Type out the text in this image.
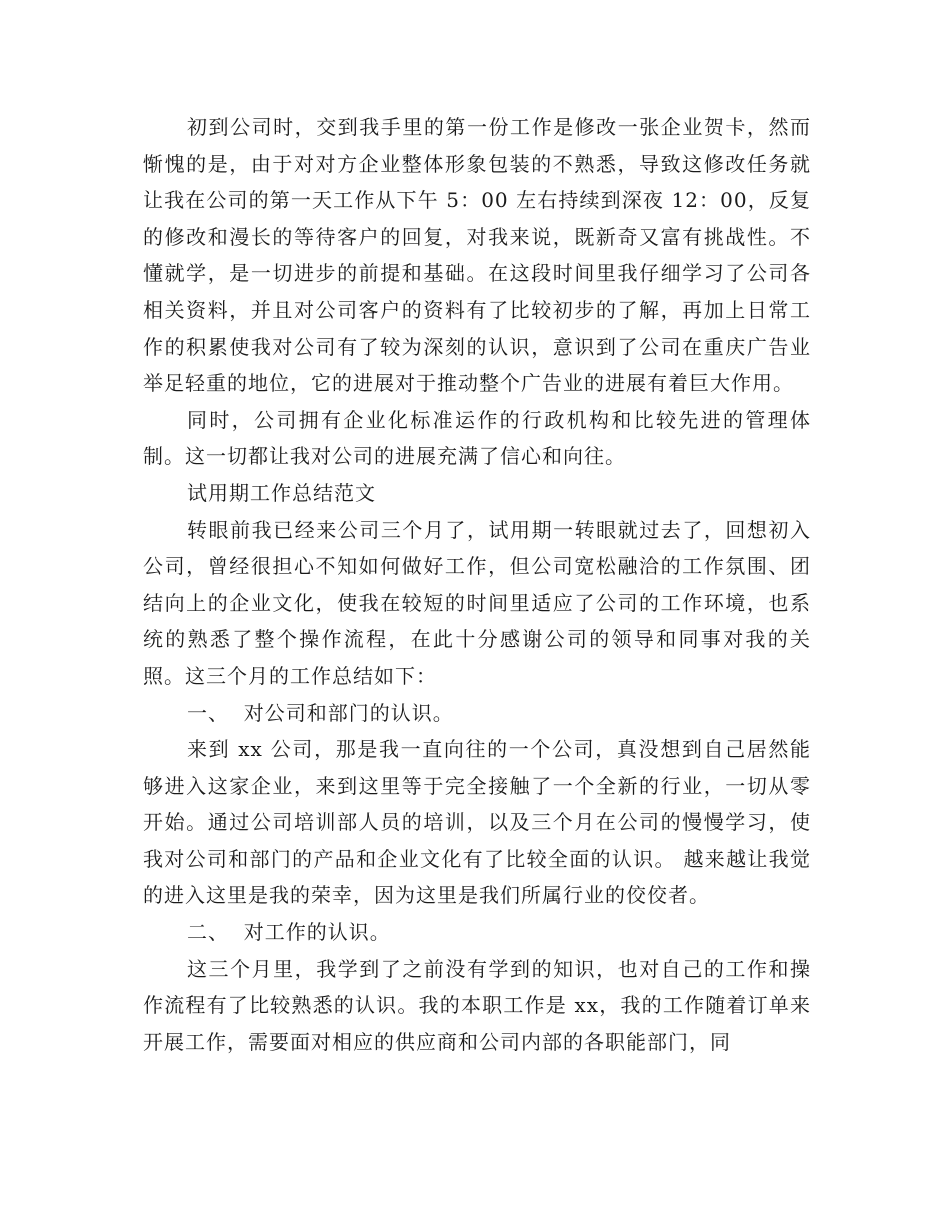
初到公司时，交到我手里的第一份工作是修改一张企业贺卡，然而惭愧的是，由于对对方企业整体形象包装的不熟悉，导致这修改任务就让我在公司的第一天工作从下午 5：00 左右持续到深夜 12：00，反复的修改和漫长的等待客户的回复，对我来说，既新奇又富有挑战性。不懂就学，是一切进步的前提和基础。在这段时间里我仔细学习了公司各相关资料，并且对公司客户的资料有了比较初步的了解，再加上日常工作的积累使我对公司有了较为深刻的认识，意识到了公司在重庆广告业举足轻重的地位，它的进展对于推动整个广告业的进展有着巨大作用。

同时，公司拥有企业化标准运作的行政机构和比较先进的管理体制。这一切都让我对公司的进展充满了信心和向往。

试用期工作总结范文

转眼前我已经来公司三个月了，试用期一转眼就过去了，回想初入公司，曾经很担心不知如何做好工作，但公司宽松融洽的工作氛围、团结向上的企业文化，使我在较短的时间里适应了公司的工作环境，也系统的熟悉了整个操作流程，在此十分感谢公司的领导和同事对我的关照。这三个月的工作总结如下：

一、  对公司和部门的认识。

来到 xx 公司，那是我一直向往的一个公司，真没想到自己居然能够进入这家企业，来到这里等于完全接触了一个全新的行业，一切从零开始。通过公司培训部人员的培训，以及三个月在公司的慢慢学习，使我对公司和部门的产品和企业文化有了比较全面的认识。 越来越让我觉的进入这里是我的荣幸，因为这里是我们所属行业的佼佼者。

二、  对工作的认识。

这三个月里，我学到了之前没有学到的知识，也对自己的工作和操作流程有了比较熟悉的认识。我的本职工作是 xx，我的工作随着订单来开展工作，需要面对相应的供应商和公司内部的各职能部门，同
